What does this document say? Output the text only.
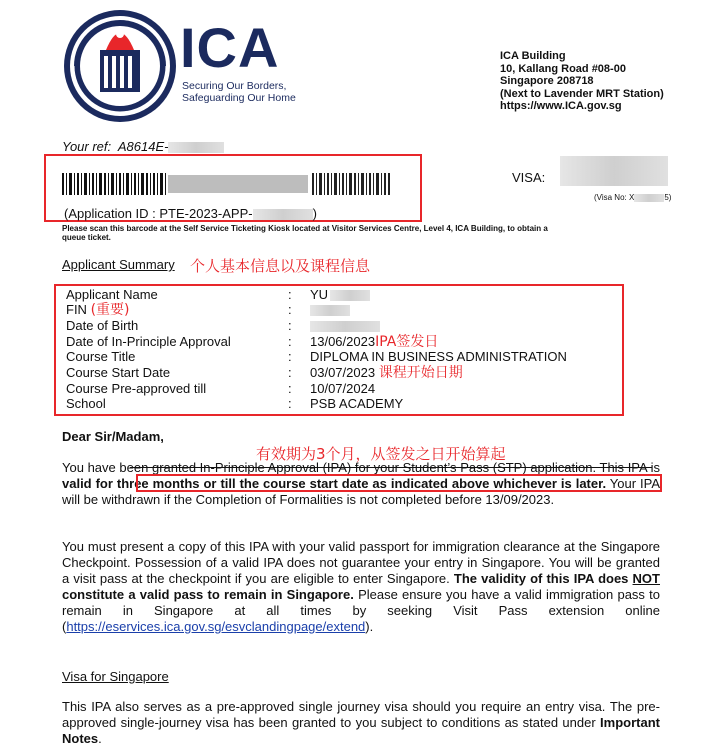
ICA
Securing Our Borders,
Safeguarding Our Home
ICA Building
10, Kallang Road #08-00
Singapore 208718
(Next to Lavender MRT Station)
https://www.ICA.gov.sg
Your ref: A8614E-
(Application ID : PTE-2023-APP-	)
Please scan this barcode at the Self Service Ticketing Kiosk located at Visitor Services Centre, Level 4, ICA Building, to obtain a queue ticket.
VISA:
(Visa No: X	5)
Applicant Summary 个人基本信息以及课程信息
Applicant Name	: YU
FIN (重要)	:
Date of Birth	:
Date of In-Principle Approval	: 13/06/2023IPA签发日
Course Title	: DIPLOMA IN BUSINESS ADMINISTRATION
Course Start Date	: 03/07/2023 课程开始日期
Course Pre-approved till	: 10/07/2024
School	: PSB ACADEMY
Dear Sir/Madam,
有效期为3个月，从签发之日开始算起
You have been granted In-Principle Approval (IPA) for your Student’s Pass (STP) application. This IPA is valid for three months or till the course start date as indicated above whichever is later. Your IPA will be withdrawn if the Completion of Formalities is not completed before 13/09/2023.
You must present a copy of this IPA with your valid passport for immigration clearance at the Singapore Checkpoint. Possession of a valid IPA does not guarantee your entry in Singapore. You will be granted a visit pass at the checkpoint if you are eligible to enter Singapore. The validity of this IPA does NOT constitute a valid pass to remain in Singapore. Please ensure you have a valid immigration pass to remain in Singapore at all times by seeking Visit Pass extension online (https://eservices.ica.gov.sg/esvclandingpage/extend).
Visa for Singapore
This IPA also serves as a pre-approved single journey visa should you require an entry visa. The pre-approved single-journey visa has been granted to you subject to conditions as stated under Important Notes.
